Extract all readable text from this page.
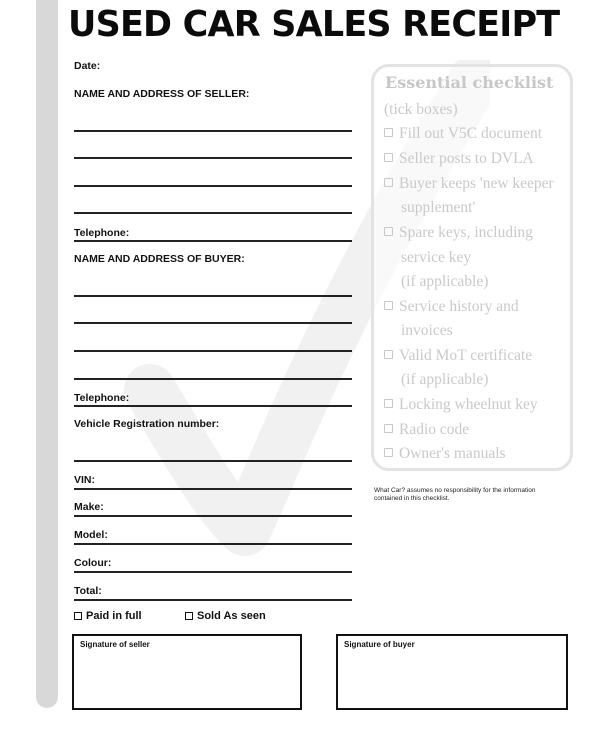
USED CAR SALES RECEIPT
Date:
NAME AND ADDRESS OF SELLER:
Telephone:
NAME AND ADDRESS OF BUYER:
Telephone:
Vehicle Registration number:
VIN:
Make:
Model:
Colour:
Total:
Paid in full	Sold As seen
Signature of seller	Signature of buyer
Essential checklist
(tick boxes)
Fill out V5C document
Seller posts to DVLA
Buyer keeps 'new keeper
supplement'
Spare keys, including
service key
(if applicable)
Service history and
invoices
Valid MoT certificate
(if applicable)
Locking wheelnut key
Radio code
Owner's manuals
What Car? assumes no responsibility for the information contained in this checklist.
